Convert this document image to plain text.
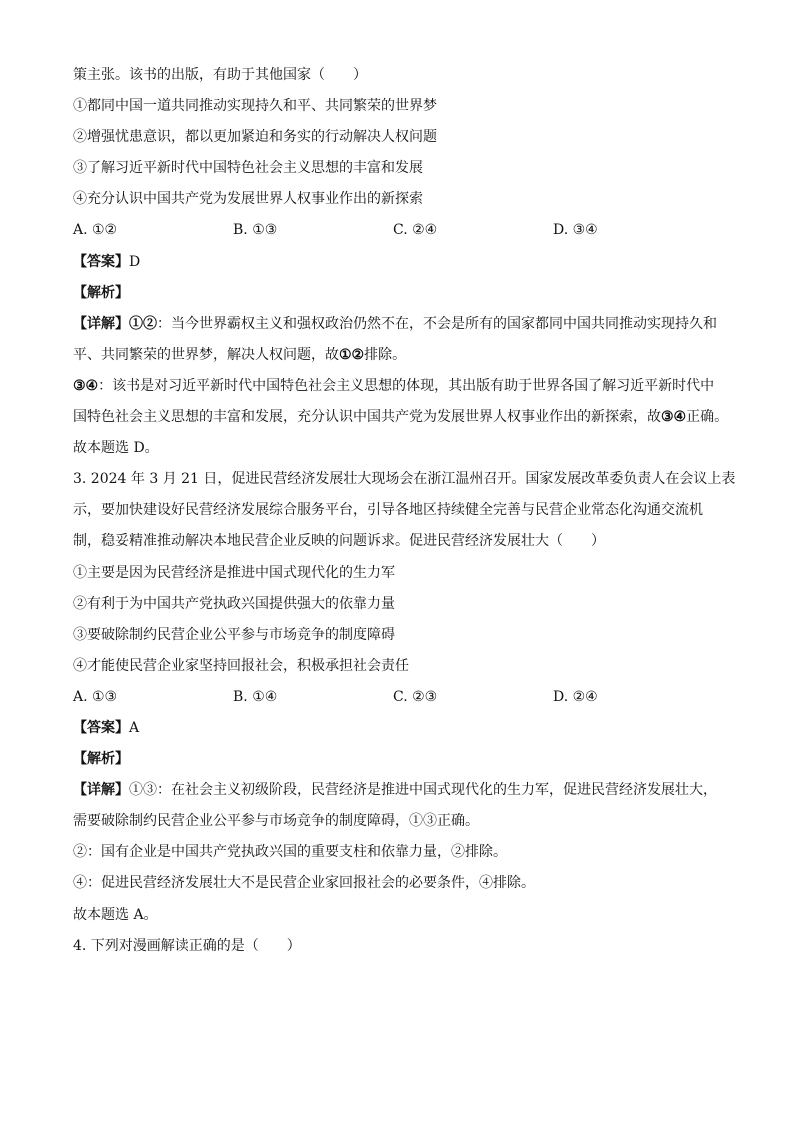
策主张。该书的出版，有助于其他国家（　　）
①都同中国一道共同推动实现持久和平、共同繁荣的世界梦
②增强忧患意识，都以更加紧迫和务实的行动解决人权问题
③了解习近平新时代中国特色社会主义思想的丰富和发展
④充分认识中国共产党为发展世界人权事业作出的新探索
A. ①②	B. ①③	C. ②④	D. ③④
【答案】D
【解析】
【详解】①②：当今世界霸权主义和强权政治仍然不在，不会是所有的国家都同中国共同推动实现持久和
平、共同繁荣的世界梦，解决人权问题，故①②排除。
③④：该书是对习近平新时代中国特色社会主义思想的体现，其出版有助于世界各国了解习近平新时代中
国特色社会主义思想的丰富和发展，充分认识中国共产党为发展世界人权事业作出的新探索，故③④正确。
故本题选 D。
3. 2024 年 3 月 21 日，促进民营经济发展壮大现场会在浙江温州召开。国家发展改革委负责人在会议上表
示，要加快建设好民营经济发展综合服务平台，引导各地区持续健全完善与民营企业常态化沟通交流机
制，稳妥精准推动解决本地民营企业反映的问题诉求。促进民营经济发展壮大（　　）
①主要是因为民营经济是推进中国式现代化的生力军
②有利于为中国共产党执政兴国提供强大的依靠力量
③要破除制约民营企业公平参与市场竞争的制度障碍
④才能使民营企业家坚持回报社会，积极承担社会责任
A. ①③	B. ①④	C. ②③	D. ②④
【答案】A
【解析】
【详解】①③：在社会主义初级阶段，民营经济是推进中国式现代化的生力军，促进民营经济发展壮大，
需要破除制约民营企业公平参与市场竞争的制度障碍，①③正确。
②：国有企业是中国共产党执政兴国的重要支柱和依靠力量，②排除。
④：促进民营经济发展壮大不是民营企业家回报社会的必要条件，④排除。
故本题选 A。
4. 下列对漫画解读正确的是（　　）
